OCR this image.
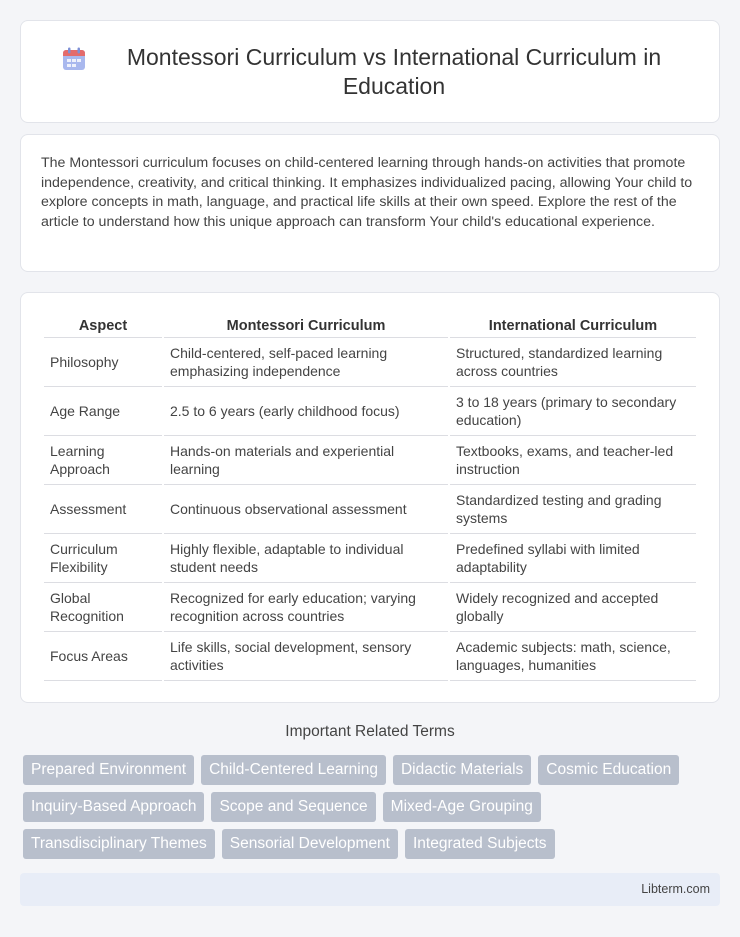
Montessori Curriculum vs International Curriculum in Education

The Montessori curriculum focuses on child-centered learning through hands-on activities that promote independence, creativity, and critical thinking. It emphasizes individualized pacing, allowing Your child to explore concepts in math, language, and practical life skills at their own speed. Explore the rest of the article to understand how this unique approach can transform Your child's educational experience.

Aspect	Montessori Curriculum	International Curriculum
Philosophy	Child-centered, self-paced learning emphasizing independence	Structured, standardized learning across countries
Age Range	2.5 to 6 years (early childhood focus)	3 to 18 years (primary to secondary education)
Learning Approach	Hands-on materials and experiential learning	Textbooks, exams, and teacher-led instruction
Assessment	Continuous observational assessment	Standardized testing and grading systems
Curriculum Flexibility	Highly flexible, adaptable to individual student needs	Predefined syllabi with limited adaptability
Global Recognition	Recognized for early education; varying recognition across countries	Widely recognized and accepted globally
Focus Areas	Life skills, social development, sensory activities	Academic subjects: math, science, languages, humanities
Important Related Terms
Prepared Environment	Child-Centered Learning	Didactic Materials	Cosmic Education
Inquiry-Based Approach	Scope and Sequence	Mixed-Age Grouping
Transdisciplinary Themes	Sensorial Development	Integrated Subjects
Libterm.com
